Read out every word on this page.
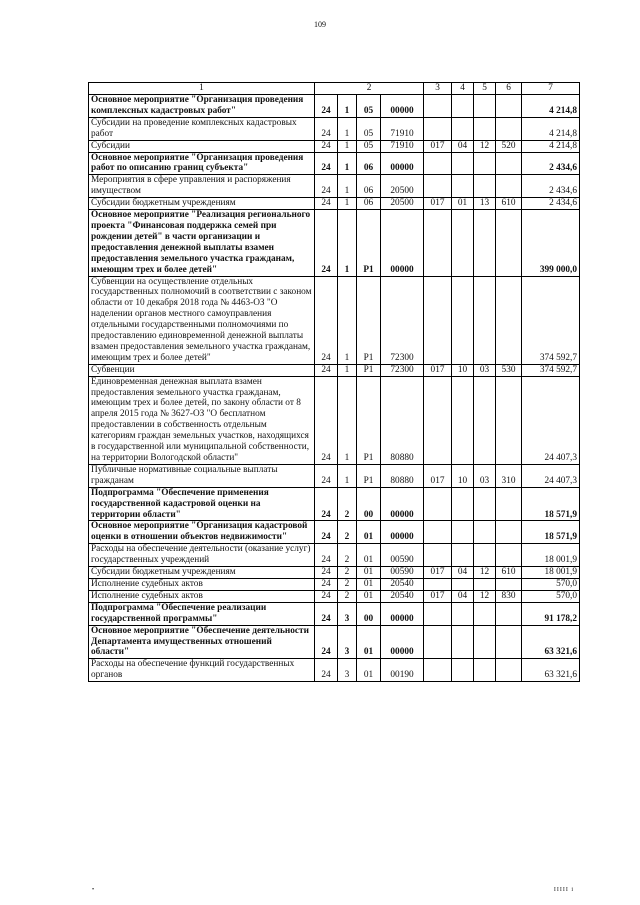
109
1	2				3	4	5	6	7
Основное мероприятие "Организация проведения комплексных кадастровых работ"	24	1	05	00000					4 214,8
Субсидии на проведение комплексных кадастровых работ	24	1	05	71910					4 214,8
Субсидии	24	1	05	71910	017	04	12	520	4 214,8
Основное мероприятие "Организация проведения работ по описанию границ субъекта"	24	1	06	00000					2 434,6
Мероприятия в сфере управления и распоряжения имуществом	24	1	06	20500					2 434,6
Субсидии бюджетным учреждениям	24	1	06	20500	017	01	13	610	2 434,6
Основное мероприятие "Реализация регионального проекта "Финансовая поддержка семей при рождении детей" в части организации и предоставления денежной выплаты взамен предоставления земельного участка гражданам, имеющим трех и более детей"	24	1	Р1	00000					399 000,0
Субвенции на осуществление отдельных государственных полномочий в соответствии с законом области от 10 декабря 2018 года № 4463-ОЗ "О наделении органов местного самоуправления отдельными государственными полномочиями по предоставлению единовременной денежной выплаты взамен предоставления земельного участка гражданам, имеющим трех и более детей"	24	1	Р1	72300					374 592,7
Субвенции	24	1	Р1	72300	017	10	03	530	374 592,7
Единовременная денежная выплата взамен предоставления земельного участка гражданам, имеющим трех и более детей, по закону области от 8 апреля 2015 года № 3627-ОЗ "О бесплатном предоставлении в собственность отдельным категориям граждан земельных участков, находящихся в государственной или муниципальной собственности, на территории Вологодской области"	24	1	Р1	80880					24 407,3
Публичные нормативные социальные выплаты гражданам	24	1	Р1	80880	017	10	03	310	24 407,3
Подпрограмма "Обеспечение применения государственной кадастровой оценки на территории области"	24	2	00	00000					18 571,9
Основное мероприятие "Организация кадастровой оценки в отношении объектов недвижимости"	24	2	01	00000					18 571,9
Расходы на обеспечение деятельности (оказание услуг) государственных учреждений	24	2	01	00590					18 001,9
Субсидии бюджетным учреждениям	24	2	01	00590	017	04	12	610	18 001,9
Исполнение судебных актов	24	2	01	20540					570,0
Исполнение судебных актов	24	2	01	20540	017	04	12	830	570,0
Подпрограмма "Обеспечение реализации государственной программы"	24	3	00	00000					91 178,2
Основное мероприятие "Обеспечение деятельности Департамента имущественных отношений области"	24	3	01	00000					63 321,6
Расходы на обеспечение функций государственных органов	24	3	01	00190					63 321,6
•	ІІІІІ і
